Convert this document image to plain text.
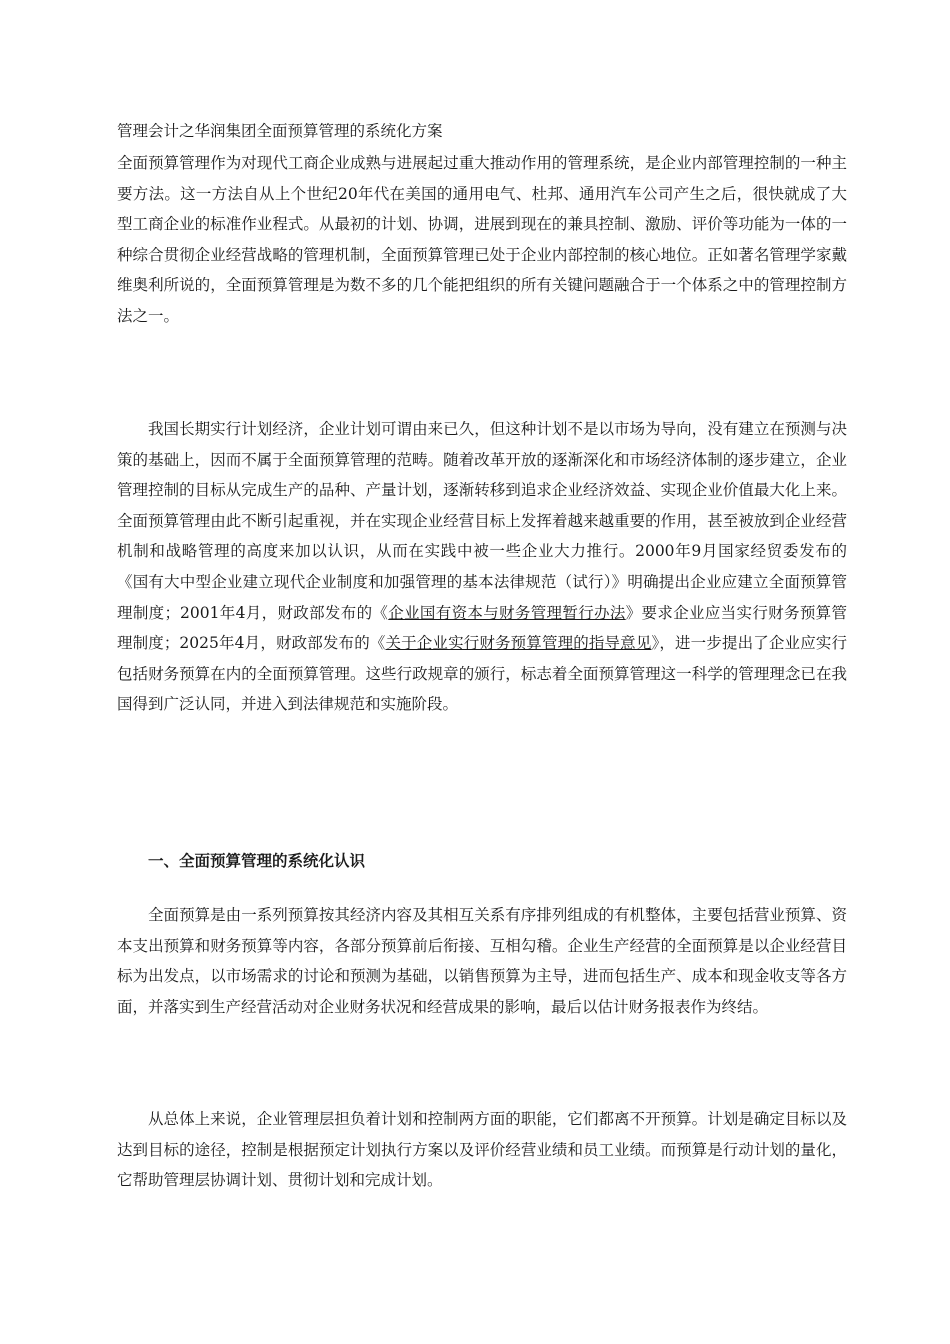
管理会计之华润集团全面预算管理的系统化方案

全面预算管理作为对现代工商企业成熟与进展起过重大推动作用的管理系统，是企业内部管理控制的一种主要方法。这一方法自从上个世纪20年代在美国的通用电气、杜邦、通用汽车公司产生之后，很快就成了大型工商企业的标准作业程式。从最初的计划、协调，进展到现在的兼具控制、激励、评价等功能为一体的一种综合贯彻企业经营战略的管理机制，全面预算管理已处于企业内部控制的核心地位。正如著名管理学家戴维奥利所说的，全面预算管理是为数不多的几个能把组织的所有关键问题融合于一个体系之中的管理控制方法之一。

我国长期实行计划经济，企业计划可谓由来已久，但这种计划不是以市场为导向，没有建立在预测与决策的基础上，因而不属于全面预算管理的范畴。随着改革开放的逐渐深化和市场经济体制的逐步建立，企业管理控制的目标从完成生产的品种、产量计划，逐渐转移到追求企业经济效益、实现企业价值最大化上来。全面预算管理由此不断引起重视，并在实现企业经营目标上发挥着越来越重要的作用，甚至被放到企业经营机制和战略管理的高度来加以认识，从而在实践中被一些企业大力推行。2000年9月国家经贸委发布的《国有大中型企业建立现代企业制度和加强管理的基本法律规范（试行）》明确提出企业应建立全面预算管理制度；2001年4月，财政部发布的《企业国有资本与财务管理暂行办法》要求企业应当实行财务预算管理制度；2025年4月，财政部发布的《关于企业实行财务预算管理的指导意见》，进一步提出了企业应实行包括财务预算在内的全面预算管理。这些行政规章的颁行，标志着全面预算管理这一科学的管理理念已在我国得到广泛认同，并进入到法律规范和实施阶段。

一、全面预算管理的系统化认识

全面预算是由一系列预算按其经济内容及其相互关系有序排列组成的有机整体，主要包括营业预算、资本支出预算和财务预算等内容，各部分预算前后衔接、互相勾稽。企业生产经营的全面预算是以企业经营目标为出发点，以市场需求的讨论和预测为基础，以销售预算为主导，进而包括生产、成本和现金收支等各方面，并落实到生产经营活动对企业财务状况和经营成果的影响，最后以估计财务报表作为终结。

从总体上来说，企业管理层担负着计划和控制两方面的职能，它们都离不开预算。计划是确定目标以及达到目标的途径，控制是根据预定计划执行方案以及评价经营业绩和员工业绩。而预算是行动计划的量化，它帮助管理层协调计划、贯彻计划和完成计划。
